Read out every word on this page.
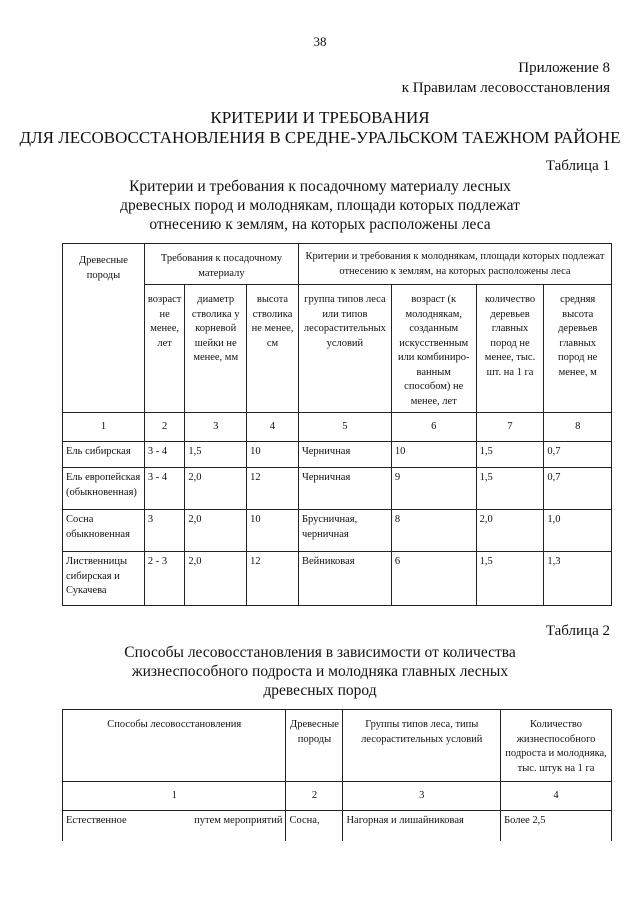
38
Приложение 8
к Правилам лесовосстановления
КРИТЕРИИ И ТРЕБОВАНИЯ
ДЛЯ ЛЕСОВОССТАНОВЛЕНИЯ В СРЕДНЕ-УРАЛЬСКОМ ТАЕЖНОМ РАЙОНЕ
Таблица 1
Критерии и требования к посадочному материалу лесных
древесных пород и молоднякам, площади которых подлежат
отнесению к землям, на которых расположены леса
Древесные породы	Требования к посадочному материалу			Критерии и требования к молоднякам, площади которых подлежат отнесению к землям, на которых расположены леса			
	возраст не менее, лет	диаметр стволика у корневой шейки не менее, мм	высота стволика не менее, см	группа типов леса или типов лесорастительных условий	возраст (к молоднякам, созданным искусственным или комбиниро-ванным способом) не менее, лет	количество деревьев главных пород не менее, тыс. шт. на 1 га	средняя высота деревьев главных пород не менее, м
1	2	3	4	5	6	7	8
Ель сибирская	3 - 4	1,5	10	Черничная	10	1,5	0,7
Ель европейская (обыкновенная)	3 - 4	2,0	12	Черничная	9	1,5	0,7
Сосна обыкновенная	3	2,0	10	Брусничная, черничная	8	2,0	1,0
Лиственницы сибирская и Сукачева	2 - 3	2,0	12	Вейниковая	6	1,5	1,3
Таблица 2
Способы лесовосстановления в зависимости от количества
жизнеспособного подроста и молодняка главных лесных
древесных пород
Способы лесовосстановления		Древесные породы	Группы типов леса, типы лесорастительных условий	Количество жизнеспособного подроста и молодняка, тыс. штук на 1 га
1		2	3	4
Естественное	путем мероприятий	Сосна,	Нагорная и лишайниковая	Более 2,5
